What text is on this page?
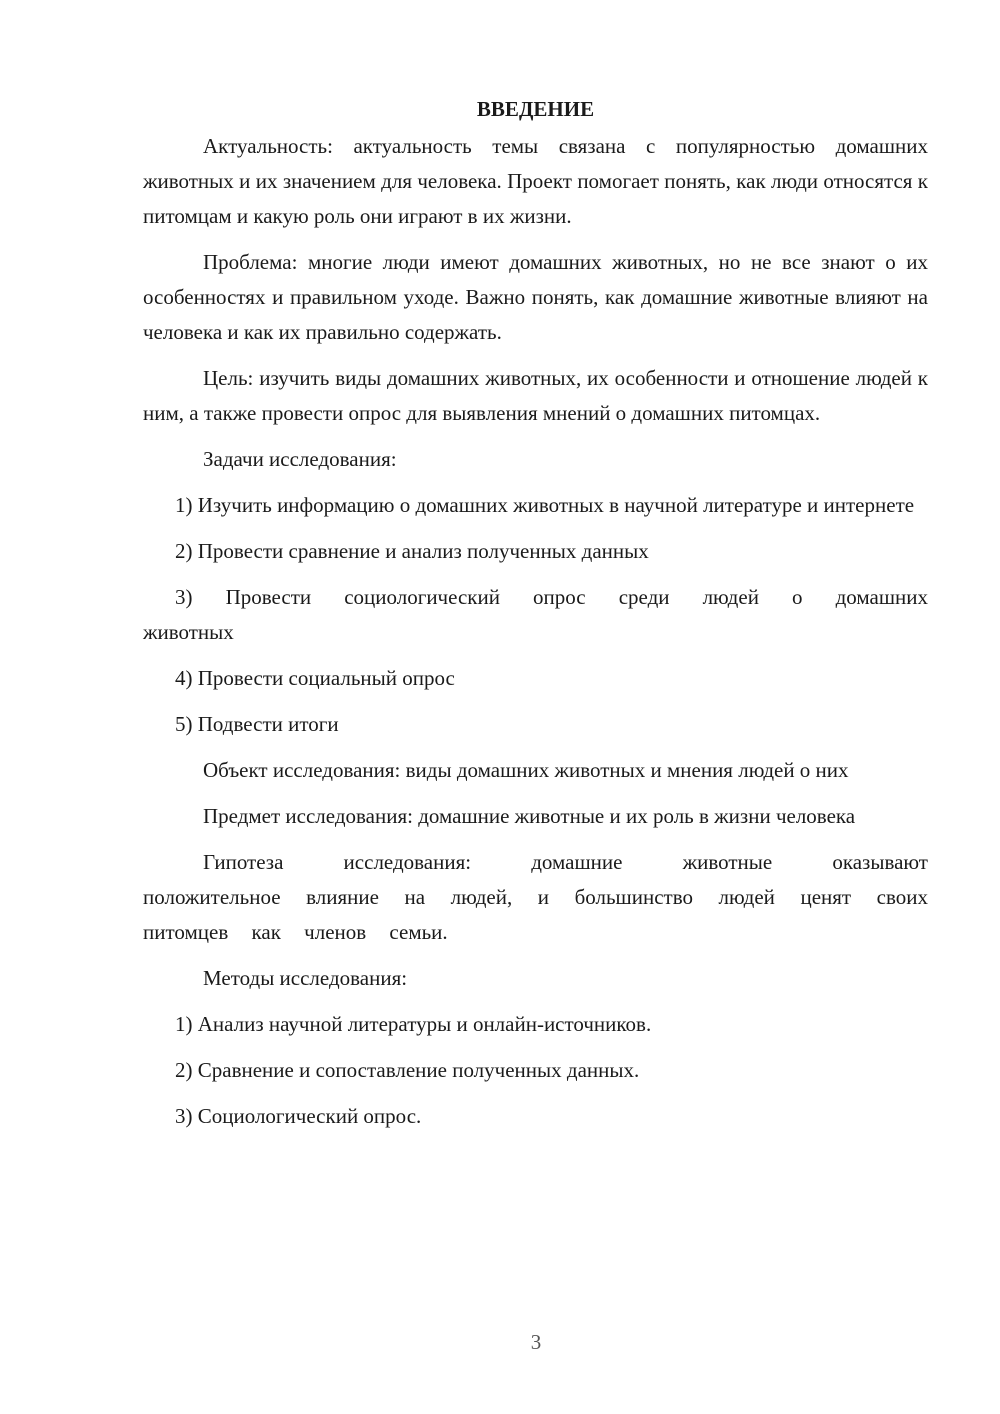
ВВЕДЕНИЕ

Актуальность: актуальность темы связана с популярностью домашних животных и их значением для человека. Проект помогает понять, как люди относятся к питомцам и какую роль они играют в их жизни.

Проблема: многие люди имеют домашних животных, но не все знают о их особенностях и правильном уходе. Важно понять, как домашние животные влияют на человека и как их правильно содержать.

Цель: изучить виды домашних животных, их особенности и отношение людей к ним, а также провести опрос для выявления мнений о домашних питомцах.

Задачи исследования:

1) Изучить информацию о домашних животных в научной литературе и интернете

2) Провести сравнение и анализ полученных данных

3) Провести социологический опрос среди людей о домашних животных

4) Провести социальный опрос

5) Подвести итоги

Объект исследования: виды домашних животных и мнения людей о них

Предмет исследования: домашние животные и их роль в жизни человека

Гипотеза исследования: домашние животные оказывают положительное влияние на людей, и большинство людей ценят своих питомцев как членов семьи.

Методы исследования:

1) Анализ научной литературы и онлайн-источников.

2) Сравнение и сопоставление полученных данных.

3) Социологический опрос.

3
